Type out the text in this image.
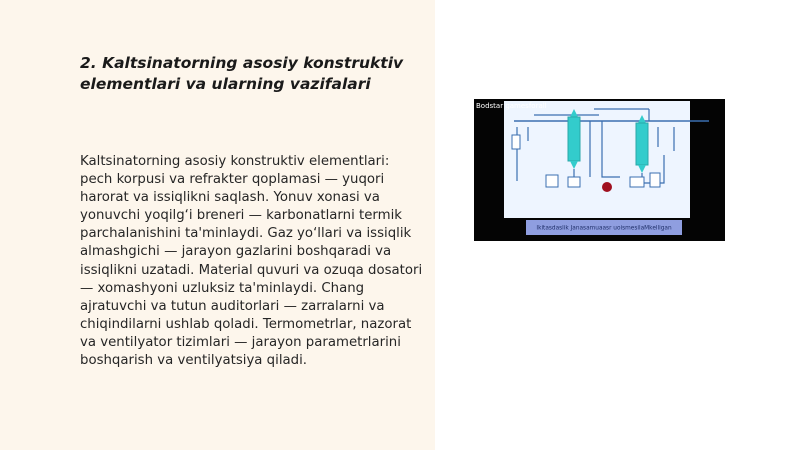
2. Kaltsinatorning asosiy konstruktiv elementlari va ularning vazifalari

Kaltsinatorning asosiy konstruktiv elementlari: pech korpusi va refrakter qoplamasi — yuqori harorat va issiqlikni saqlash. Yonuv xonasi va yonuvchi yoqilg‘i breneri — karbonatlarni termik parchalanishini ta'minlaydi. Gaz yo‘llari va issiqlik almashgichi — jarayon gazlarini boshqaradi va issiqlikni uzatadi. Material quvuri va ozuqa dosatori — xomashyoni uzluksiz ta'minlaydi. Chang ajratuvchi va tutun auditorlari — zarralarni va chiqindilarni ushlab qoladi. Termometrlar, nazorat va ventilyator tizimlari — jarayon parametrlarini boshqarish va ventilyatsiya qiladi.

Ikitasdaslik Janasamuaasr uoismesilaMkelligan
Bodstar gamesforall
